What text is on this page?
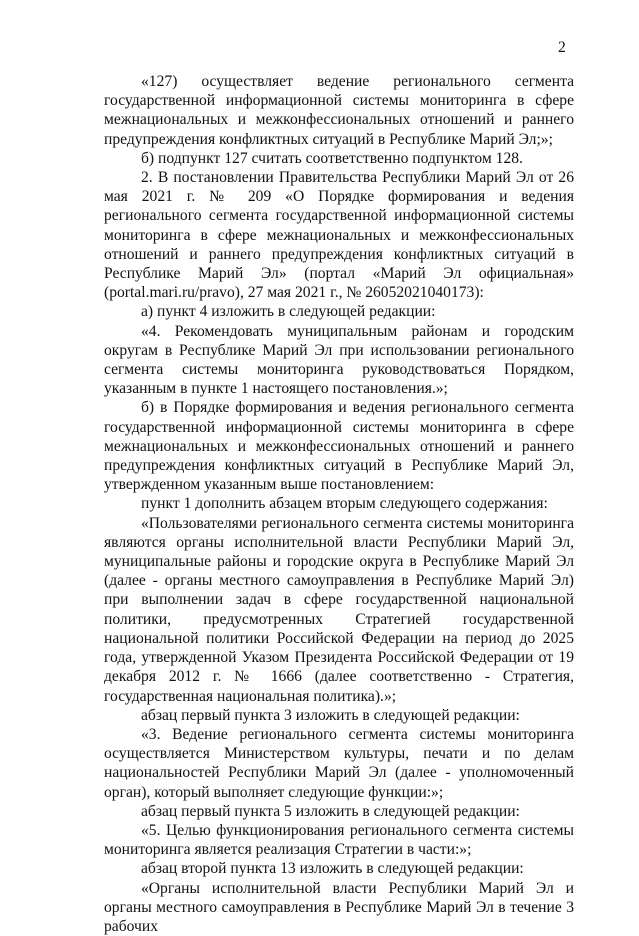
2

«127) осуществляет ведение регионального сегмента государственной информационной системы мониторинга в сфере межнациональных и межконфессиональных отношений и раннего предупреждения конфликтных ситуаций в Республике Марий Эл;»;

б) подпункт 127 считать соответственно подпунктом 128.

2. В постановлении Правительства Республики Марий Эл от 26 мая 2021 г. № 209 «О Порядке формирования и ведения регионального сегмента государственной информационной системы мониторинга в сфере межнациональных и межконфессиональных отношений и раннего предупреждения конфликтных ситуаций в Республике Марий Эл» (портал «Марий Эл официальная» (portal.mari.ru/pravo), 27 мая 2021 г., № 26052021040173):

а) пункт 4 изложить в следующей редакции:

«4. Рекомендовать муниципальным районам и городским округам в Республике Марий Эл при использовании регионального сегмента системы мониторинга руководствоваться Порядком, указанным в пункте 1 настоящего постановления.»;

б) в Порядке формирования и ведения регионального сегмента государственной информационной системы мониторинга в сфере межнациональных и межконфессиональных отношений и раннего предупреждения конфликтных ситуаций в Республике Марий Эл, утвержденном указанным выше постановлением:

пункт 1 дополнить абзацем вторым следующего содержания:

«Пользователями регионального сегмента системы мониторинга являются органы исполнительной власти Республики Марий Эл, муниципальные районы и городские округа в Республике Марий Эл (далее - органы местного самоуправления в Республике Марий Эл) при выполнении задач в сфере государственной национальной политики, предусмотренных Стратегией государственной национальной политики Российской Федерации на период до 2025 года, утвержденной Указом Президента Российской Федерации от 19 декабря 2012 г. № 1666 (далее соответственно - Стратегия, государственная национальная политика).»;

абзац первый пункта 3 изложить в следующей редакции:

«3. Ведение регионального сегмента системы мониторинга осуществляется Министерством культуры, печати и по делам национальностей Республики Марий Эл (далее - уполномоченный орган), который выполняет следующие функции:»;

абзац первый пункта 5 изложить в следующей редакции:

«5. Целью функционирования регионального сегмента системы мониторинга является реализация Стратегии в части:»;

абзац второй пункта 13 изложить в следующей редакции:

«Органы исполнительной власти Республики Марий Эл и органы местного самоуправления в Республике Марий Эл в течение 3 рабочих
